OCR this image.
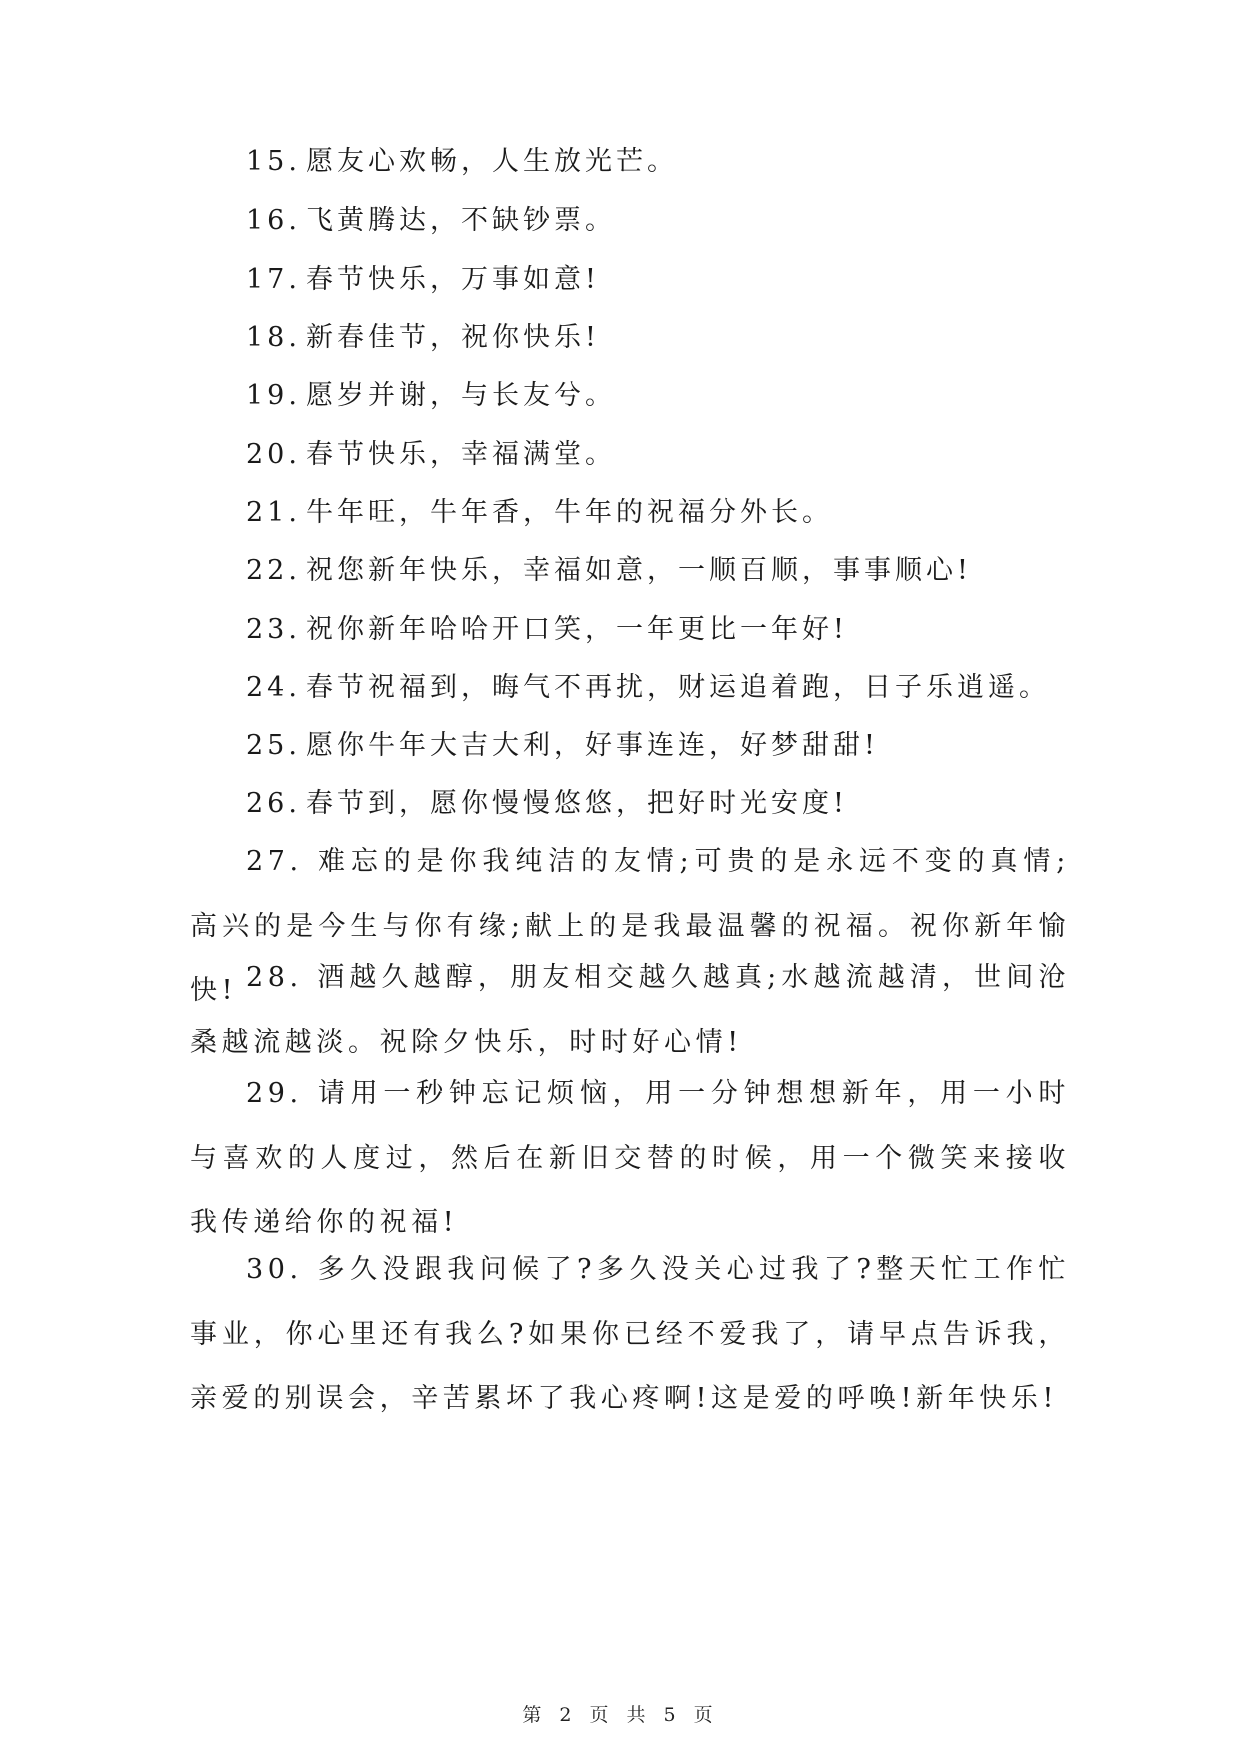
15. 愿友心欢畅，人生放光芒。
16. 飞黄腾达，不缺钞票。
17. 春节快乐，万事如意!
18. 新春佳节，祝你快乐!
19. 愿岁并谢，与长友兮。
20. 春节快乐，幸福满堂。
21. 牛年旺，牛年香，牛年的祝福分外长。
22. 祝您新年快乐，幸福如意，一顺百顺，事事顺心!
23. 祝你新年哈哈开口笑，一年更比一年好!
24. 春节祝福到，晦气不再扰，财运追着跑，日子乐逍遥。
25. 愿你牛年大吉大利，好事连连，好梦甜甜!
26. 春节到，愿你慢慢悠悠，把好时光安度!

27. 难忘的是你我纯洁的友情;可贵的是永远不变的真情;高兴的是今生与你有缘;献上的是我最温馨的祝福。祝你新年愉快! 28. 酒越久越醇，朋友相交越久越真;水越流越清，世间沧桑越流越淡。祝除夕快乐，时时好心情!

29. 请用一秒钟忘记烦恼，用一分钟想想新年，用一小时与喜欢的人度过，然后在新旧交替的时候，用一个微笑来接收我传递给你的祝福!

30. 多久没跟我问候了?多久没关心过我了?整天忙工作忙事业，你心里还有我么?如果你已经不爱我了，请早点告诉我，亲爱的别误会，辛苦累坏了我心疼啊!这是爱的呼唤!新年快乐!

第 2 页 共 5 页
